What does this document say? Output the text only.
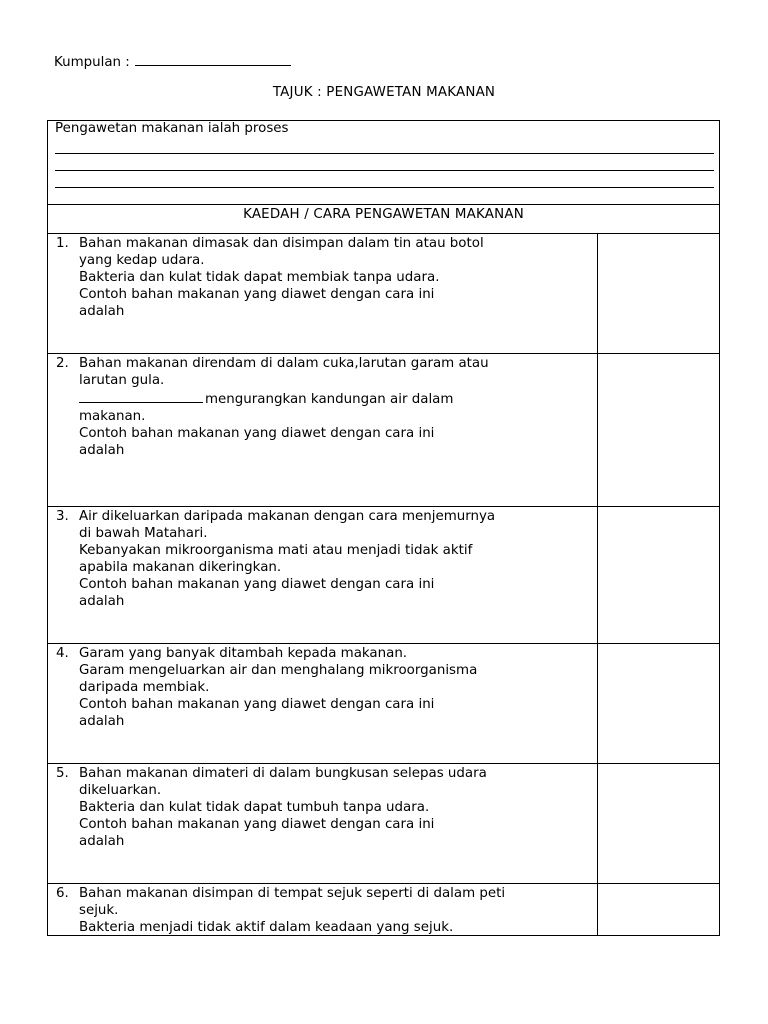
Kumpulan :
TAJUK : PENGAWETAN MAKANAN
Pengawetan makanan ialah proses
KAEDAH / CARA PENGAWETAN MAKANAN
1. Bahan makanan dimasak dan disimpan dalam tin atau botol
yang kedap udara.
Bakteria dan kulat tidak dapat membiak tanpa udara.
Contoh bahan makanan yang diawet dengan cara ini
adalah
2. Bahan makanan direndam di dalam cuka,larutan garam atau
larutan gula.
mengurangkan kandungan air dalam
makanan.
Contoh bahan makanan yang diawet dengan cara ini
adalah
3. Air dikeluarkan daripada makanan dengan cara menjemurnya
di bawah Matahari.
Kebanyakan mikroorganisma mati atau menjadi tidak aktif
apabila makanan dikeringkan.
Contoh bahan makanan yang diawet dengan cara ini
adalah
4. Garam yang banyak ditambah kepada makanan.
Garam mengeluarkan air dan menghalang mikroorganisma
daripada membiak.
Contoh bahan makanan yang diawet dengan cara ini
adalah
5. Bahan makanan dimateri di dalam bungkusan selepas udara
dikeluarkan.
Bakteria dan kulat tidak dapat tumbuh tanpa udara.
Contoh bahan makanan yang diawet dengan cara ini
adalah
6. Bahan makanan disimpan di tempat sejuk seperti di dalam peti
sejuk.
Bakteria menjadi tidak aktif dalam keadaan yang sejuk.
